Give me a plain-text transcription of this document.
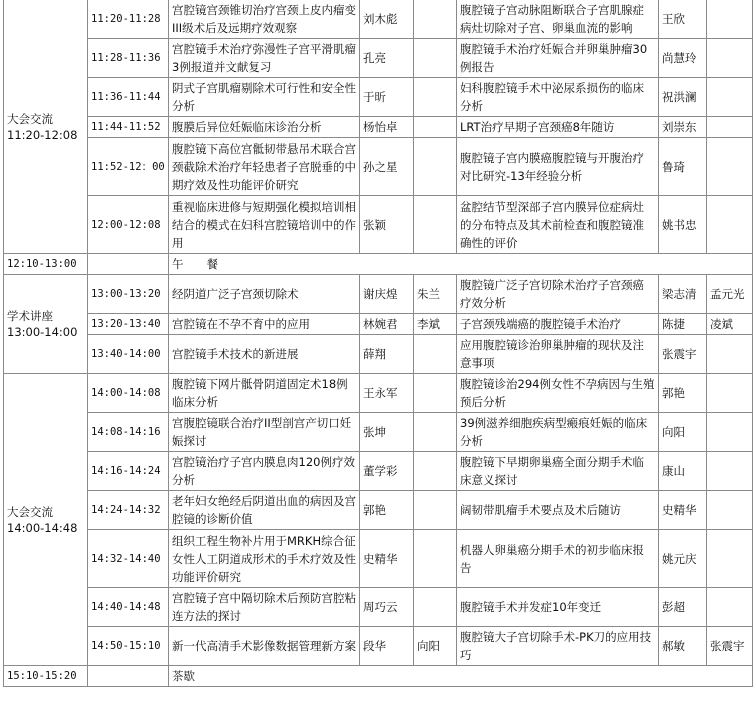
大会交流
11:20-12:08	11:20-11:28	宫腔镜宫颈锥切治疗宫颈上皮内瘤变III级术后及远期疗效观察	刘木彪		腹腔镜子宫动脉阻断联合子宫肌腺症病灶切除对子宫、卵巢血流的影响	王欣	
	11:28-11:36	宫腔镜手术治疗弥漫性子宫平滑肌瘤3例报道并文献复习	孔亮		腹腔镜手术治疗妊娠合并卵巢肿瘤30例报告	尚慧玲	
	11:36-11:44	阴式子宫肌瘤剔除术可行性和安全性分析	于昕		妇科腹腔镜手术中泌尿系损伤的临床分析	祝洪澜	
	11:44-11:52	腹膜后异位妊娠临床诊治分析	杨怡卓		LRT治疗早期子宫颈癌8年随访	刘崇东	
	11:52-12：00	腹腔镜下高位宫骶韧带悬吊术联合宫颈截除术治疗年轻患者子宫脱垂的中期疗效及性功能评价研究	孙之星		腹腔镜子宫内膜癌腹腔镜与开腹治疗对比研究-13年经验分析	鲁琦	
	12:00-12:08	重视临床进修与短期强化模拟培训相结合的模式在妇科宫腔镜培训中的作用	张颖		盆腔结节型深部子宫内膜异位症病灶的分布特点及其术前检查和腹腔镜准确性的评价	姚书忠	
12:10-13:00		午　　餐					
学术讲座
13:00-14:00	13:00-13:20	经阴道广泛子宫颈切除术	谢庆煌	朱兰	腹腔镜广泛子宫切除术治疗子宫颈癌疗效分析	梁志清	孟元光
	13:20-13:40	宫腔镜在不孕不育中的应用	林婉君	李斌	子宫颈残端癌的腹腔镜手术治疗	陈捷	凌斌
	13:40-14:00	宫腔镜手术技术的新进展	薛翔		应用腹腔镜诊治卵巢肿瘤的现状及注意事项	张震宇	
大会交流
14:00-14:48	14:00-14:08	腹腔镜下网片骶骨阴道固定术18例临床分析	王永军		腹腔镜诊治294例女性不孕病因与生殖预后分析	郭艳	
	14:08-14:16	宫腹腔镜联合治疗II型剖宫产切口妊娠探讨	张坤		39例滋养细胞疾病型瘢痕妊娠的临床分析	向阳	
	14:16-14:24	宫腔镜治疗子宫内膜息肉120例疗效分析	董学彩		腹腔镜下早期卵巢癌全面分期手术临床意义探讨	康山	
	14:24-14:32	老年妇女绝经后阴道出血的病因及宫腔镜的诊断价值	郭艳		阔韧带肌瘤手术要点及术后随访	史精华	
	14:32-14:40	组织工程生物补片用于MRKH综合征女性人工阴道成形术的手术疗效及性功能评价研究	史精华		机器人卵巢癌分期手术的初步临床报告	姚元庆	
	14:40-14:48	宫腔镜子宫中隔切除术后预防宫腔粘连方法的探讨	周巧云		腹腔镜手术并发症10年变迁	彭超	
	14:50-15:10	新一代高清手术影像数据管理新方案	段华	向阳	腹腔镜大子宫切除手术-PK刀的应用技巧	郝敏	张震宇
15:10-15:20		茶歇					
